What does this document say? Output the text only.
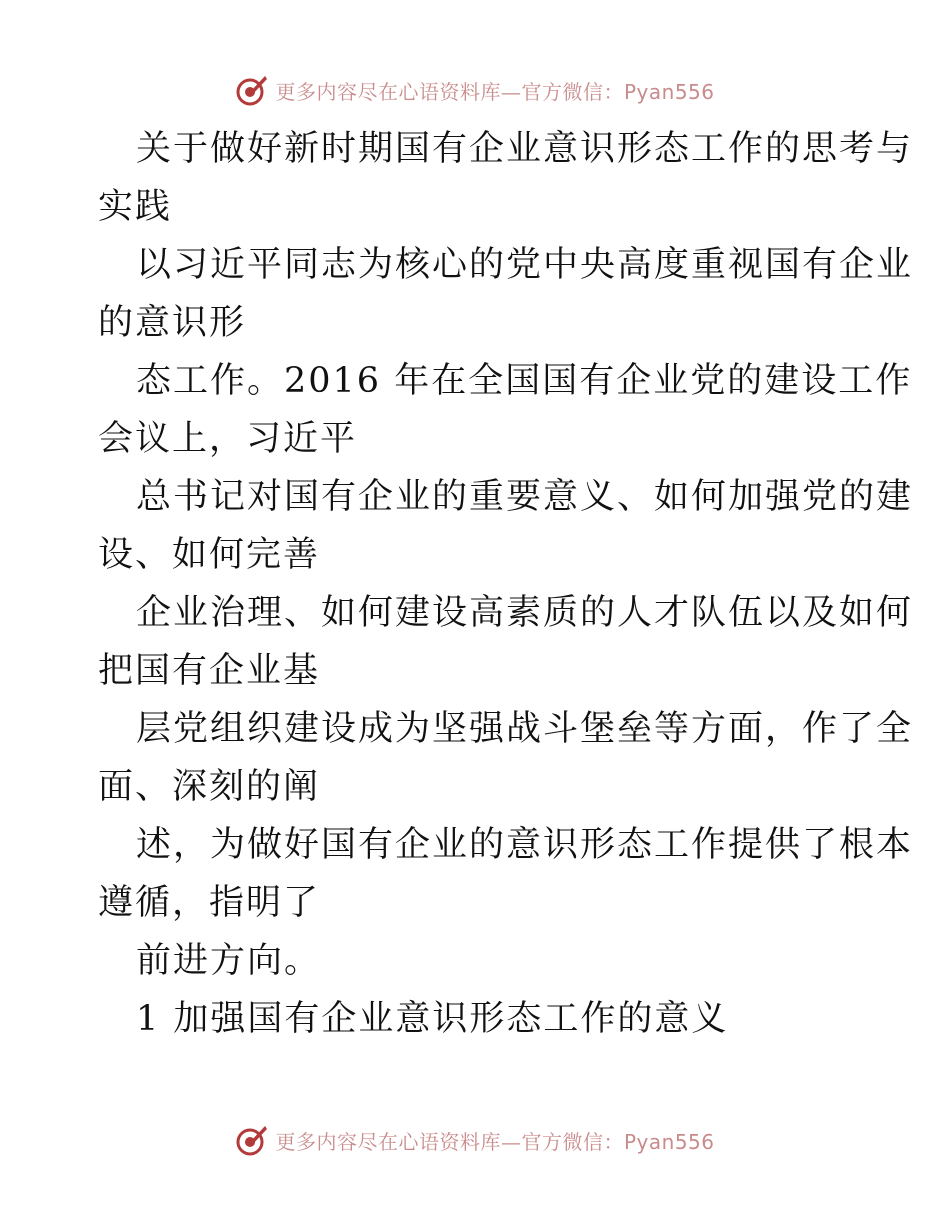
更多内容尽在心语资料库—官方微信：Pyan556
关于做好新时期国有企业意识形态工作的思考与
实践
以习近平同志为核心的党中央高度重视国有企业
的意识形
态工作。2016 年在全国国有企业党的建设工作
会议上，习近平
总书记对国有企业的重要意义、如何加强党的建
设、如何完善
企业治理、如何建设高素质的人才队伍以及如何
把国有企业基
层党组织建设成为坚强战斗堡垒等方面，作了全
面、深刻的阐
述，为做好国有企业的意识形态工作提供了根本
遵循，指明了
前进方向。
1 加强国有企业意识形态工作的意义
更多内容尽在心语资料库—官方微信：Pyan556
